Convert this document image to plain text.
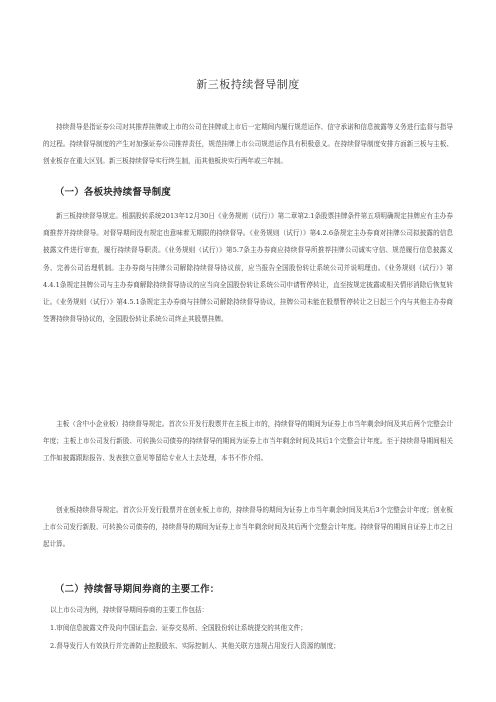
新三板持续督导制度

持续督导是指证券公司对其推荐挂牌或上市的公司在挂牌或上市后一定期间内履行规范运作、信守承诺和信息披露等义务进行监督与指导的过程。持续督导制度的产生对加强证券公司推荐责任，规范挂牌上市公司规范运作具有积极意义。在持续督导制度安排方面新三板与主板、创业板存在重大区别。新三板持续督导实行终生制，而其他板块实行两年或三年制。

（一）各板块持续督导制度

新三板持续督导规定。根据股转系统2013年12月30日《业务规则（试行）》第二章第2.1条股票挂牌条件第五项明确规定挂牌应有主办券商推荐并持续督导。对督导期间没有规定也意味着无期限的持续督导。《业务规则（试行）》第4.2.6条规定主办券商对挂牌公司拟披露的信息披露文件进行审查，履行持续督导职责。《业务规则（试行）》第5.7条主办券商应持续督导所推荐挂牌公司诚实守信、规范履行信息披露义务、完善公司治理机制。主办券商与挂牌公司解除持续督导协议前，应当报告全国股份转让系统公司并说明理由。《业务规则（试行）》第4.4.1条规定挂牌公司与主办券商解除持续督导协议的应当向全国股份转让系统公司申请暂停转让，直至按规定披露或相关情形消除后恢复转让。《业务规则（试行）》第4.5.1条规定主办券商与挂牌公司解除持续督导协议，挂牌公司未能在股票暂停转让之日起三个内与其他主办券商签署持续督导协议的，全国股份转让系统公司终止其股票挂牌。

主板（含中小企业板）持续督导规定。首次公开发行股票并在主板上市的，持续督导的期间为证券上市当年剩余时间及其后两个完整会计年度；主板上市公司发行新股、可转换公司债券的持续督导的期间为证券上市当年剩余时间及其后1个完整会计年度。至于持续督导期间相关工作如披露跟踪报告、发表独立意见等留给专业人士去处理，本书不作介绍。

创业板持续督导规定。首次公开发行股票并在创业板上市的，持续督导的期间为证券上市当年剩余时间及其后3个完整会计年度；创业板上市公司发行新股、可转换公司债券的，持续督导的期间为证券上市当年剩余时间及其后两个完整会计年度。持续督导的期间自证券上市之日起计算。

（二）持续督导期间券商的主要工作：
以上市公司为例，持续督导期间券商的主要工作包括：
1.审阅信息披露文件及向中国证监会、证券交易所、全国股份转让系统提交的其他文件；
2.督导发行人有效执行并完善防止控股股东、实际控制人、其他关联方违规占用发行人资源的制度；
